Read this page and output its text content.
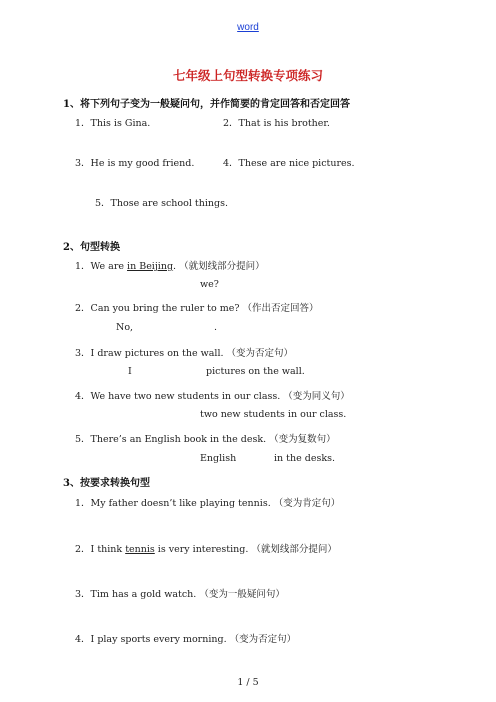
word
七年级上句型转换专项练习
1、将下列句子变为一般疑问句，并作简要的肯定回答和否定回答
1．This is Gina.	2．That is his brother.
3．He is my good friend.	4．These are nice pictures.
5．Those are school things.
2、句型转换
1．We are in Beijing. （就划线部分提问）
we?
2．Can you bring the ruler to me? （作出否定回答）
No,	.
3．I draw pictures on the wall. （变为否定句）
I	pictures on the wall.
4．We have two new students in our class. （变为同义句）
two new students in our class.
5．There’s an English book in the desk. （变为复数句）
English	in the desks.
3、按要求转换句型
1．My father doesn’t like playing tennis. （变为肯定句）
2．I think tennis is very interesting. （就划线部分提问）
3．Tim has a gold watch. （变为一般疑问句）
4．I play sports every morning. （变为否定句）
1 / 5
